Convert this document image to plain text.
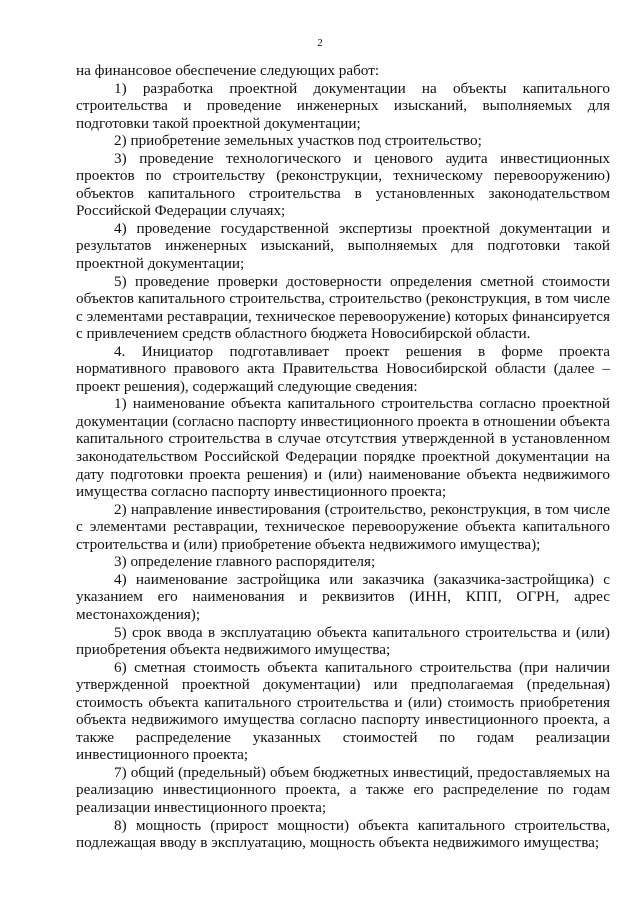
2

на финансовое обеспечение следующих работ:

1) разработка проектной документации на объекты капитального строительства и проведение инженерных изысканий, выполняемых для подготовки такой проектной документации;

2) приобретение земельных участков под строительство;

3) проведение технологического и ценового аудита инвестиционных проектов по строительству (реконструкции, техническому перевооружению) объектов капитального строительства в установленных законодательством Российской Федерации случаях;

4) проведение государственной экспертизы проектной документации и результатов инженерных изысканий, выполняемых для подготовки такой проектной документации;

5) проведение проверки достоверности определения сметной стоимости объектов капитального строительства, строительство (реконструкция, в том числе с элементами реставрации, техническое перевооружение) которых финансируется с привлечением средств областного бюджета Новосибирской области.

4. Инициатор подготавливает проект решения в форме проекта нормативного правового акта Правительства Новосибирской области (далее – проект решения), содержащий следующие сведения:

1) наименование объекта капитального строительства согласно проектной документации (согласно паспорту инвестиционного проекта в отношении объекта капитального строительства в случае отсутствия утвержденной в установленном законодательством Российской Федерации порядке проектной документации на дату подготовки проекта решения) и (или) наименование объекта недвижимого имущества согласно паспорту инвестиционного проекта;

2) направление инвестирования (строительство, реконструкция, в том числе с элементами реставрации, техническое перевооружение объекта капитального строительства и (или) приобретение объекта недвижимого имущества);

3) определение главного распорядителя;

4) наименование застройщика или заказчика (заказчика-застройщика) с указанием его наименования и реквизитов (ИНН, КПП, ОГРН, адрес местонахождения);

5) срок ввода в эксплуатацию объекта капитального строительства и (или) приобретения объекта недвижимого имущества;

6) сметная стоимость объекта капитального строительства (при наличии утвержденной проектной документации) или предполагаемая (предельная) стоимость объекта капитального строительства и (или) стоимость приобретения объекта недвижимого имущества согласно паспорту инвестиционного проекта, а также распределение указанных стоимостей по годам реализации инвестиционного проекта;

7) общий (предельный) объем бюджетных инвестиций, предоставляемых на реализацию инвестиционного проекта, а также его распределение по годам реализации инвестиционного проекта;

8) мощность (прирост мощности) объекта капитального строительства, подлежащая вводу в эксплуатацию, мощность объекта недвижимого имущества;
